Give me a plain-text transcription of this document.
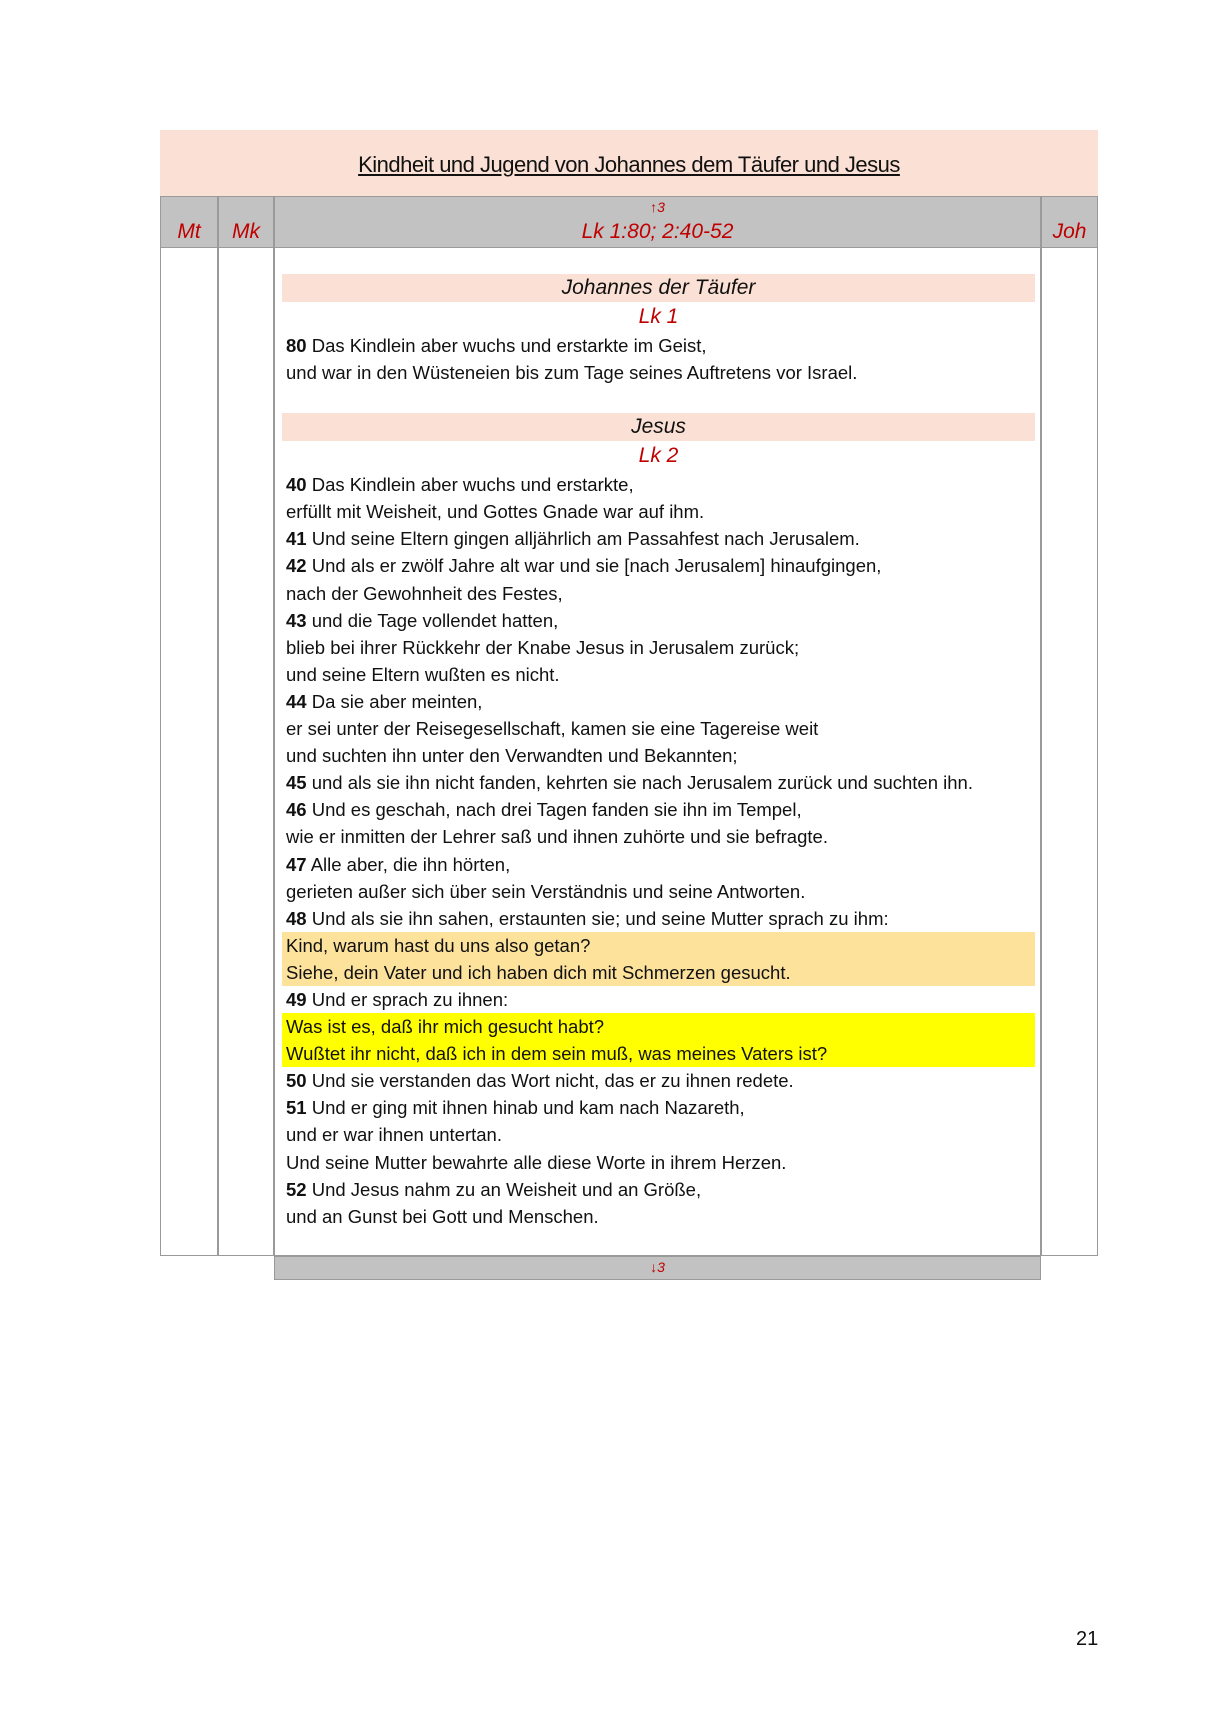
Kindheit und Jugend von Johannes dem Täufer und Jesus
Mt	Mk
↑3
Lk 1:80; 2:40-52	Joh
↓3
Johannes der Täufer
Lk 1
80 Das Kindlein aber wuchs und erstarkte im Geist,
und war in den Wüsteneien bis zum Tage seines Auftretens vor Israel.
Jesus
Lk 2
40 Das Kindlein aber wuchs und erstarkte,
erfüllt mit Weisheit, und Gottes Gnade war auf ihm.
41 Und seine Eltern gingen alljährlich am Passahfest nach Jerusalem.
42 Und als er zwölf Jahre alt war und sie [nach Jerusalem] hinaufgingen,
nach der Gewohnheit des Festes,
43 und die Tage vollendet hatten,
blieb bei ihrer Rückkehr der Knabe Jesus in Jerusalem zurück;
und seine Eltern wußten es nicht.
44 Da sie aber meinten,
er sei unter der Reisegesellschaft, kamen sie eine Tagereise weit
und suchten ihn unter den Verwandten und Bekannten;
45 und als sie ihn nicht fanden, kehrten sie nach Jerusalem zurück und suchten ihn.
46 Und es geschah, nach drei Tagen fanden sie ihn im Tempel,
wie er inmitten der Lehrer saß und ihnen zuhörte und sie befragte.
47 Alle aber, die ihn hörten,
gerieten außer sich über sein Verständnis und seine Antworten.
48 Und als sie ihn sahen, erstaunten sie; und seine Mutter sprach zu ihm:
Kind, warum hast du uns also getan?
Siehe, dein Vater und ich haben dich mit Schmerzen gesucht.
49 Und er sprach zu ihnen:
Was ist es, daß ihr mich gesucht habt?
Wußtet ihr nicht, daß ich in dem sein muß, was meines Vaters ist?
50 Und sie verstanden das Wort nicht, das er zu ihnen redete.
51 Und er ging mit ihnen hinab und kam nach Nazareth,
und er war ihnen untertan.
Und seine Mutter bewahrte alle diese Worte in ihrem Herzen.
52 Und Jesus nahm zu an Weisheit und an Größe,
und an Gunst bei Gott und Menschen.
21
